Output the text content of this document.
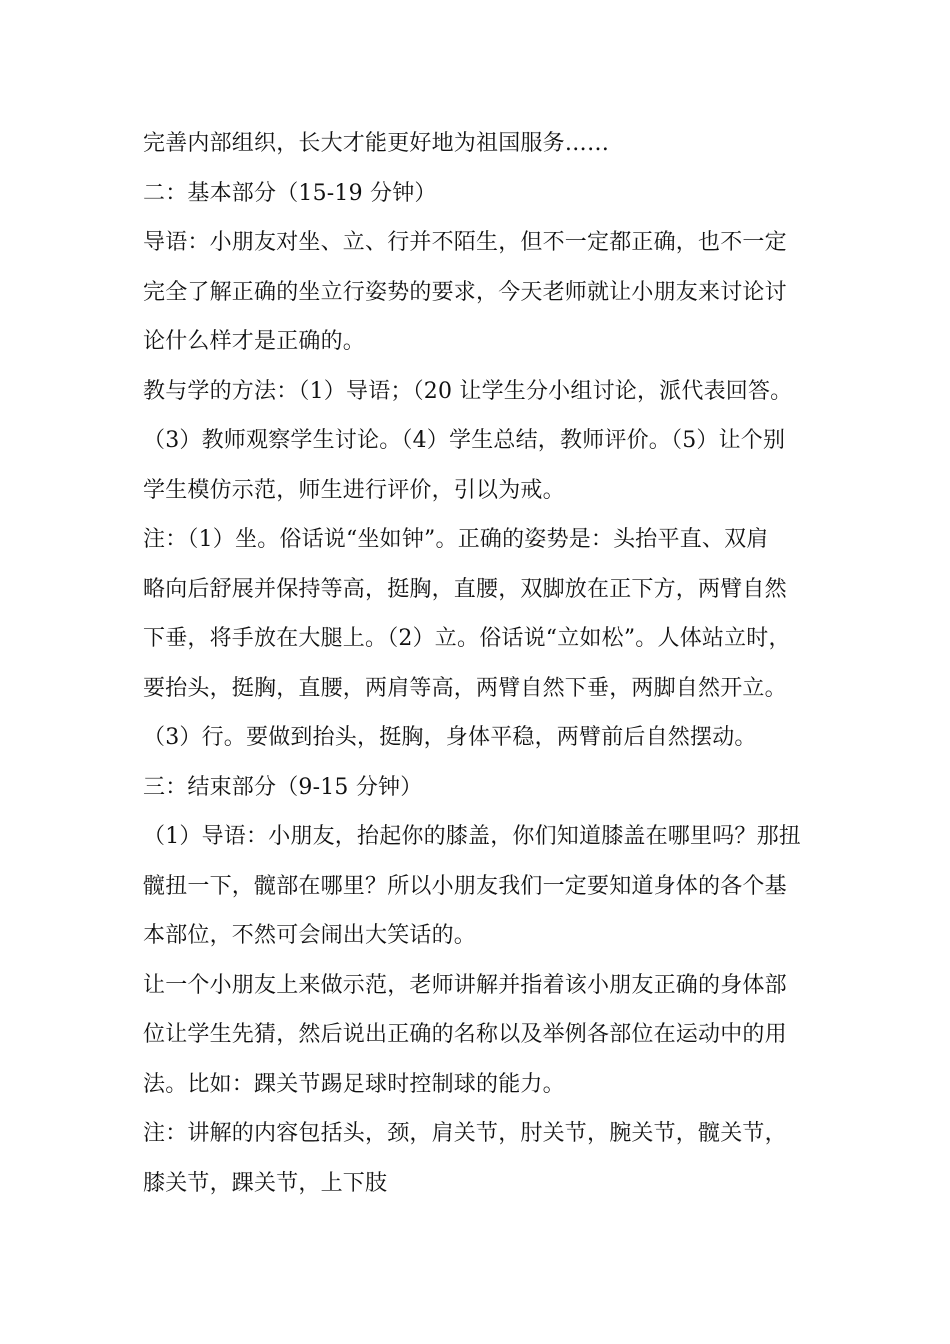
完善内部组织，长大才能更好地为祖国服务……
二：基本部分（15-19 分钟）
导语：小朋友对坐、立、行并不陌生，但不一定都正确，也不一定
完全了解正确的坐立行姿势的要求，今天老师就让小朋友来讨论讨
论什么样才是正确的。
教与学的方法：（1）导语；（20 让学生分小组讨论，派代表回答。
（3）教师观察学生讨论。（4）学生总结，教师评价。（5）让个别
学生模仿示范，师生进行评价，引以为戒。
注：（1）坐。俗话说“坐如钟”。正确的姿势是：头抬平直、双肩
略向后舒展并保持等高，挺胸，直腰，双脚放在正下方，两臂自然
下垂，将手放在大腿上。（2）立。俗话说“立如松”。人体站立时，
要抬头，挺胸，直腰，两肩等高，两臂自然下垂，两脚自然开立。
（3）行。要做到抬头，挺胸，身体平稳，两臂前后自然摆动。
三：结束部分（9-15 分钟）
（1）导语：小朋友，抬起你的膝盖，你们知道膝盖在哪里吗？那扭
髋扭一下，髋部在哪里？所以小朋友我们一定要知道身体的各个基
本部位，不然可会闹出大笑话的。
让一个小朋友上来做示范，老师讲解并指着该小朋友正确的身体部
位让学生先猜，然后说出正确的名称以及举例各部位在运动中的用
法。比如：踝关节踢足球时控制球的能力。
注：讲解的内容包括头，颈，肩关节，肘关节，腕关节，髋关节，
膝关节，踝关节，上下肢
